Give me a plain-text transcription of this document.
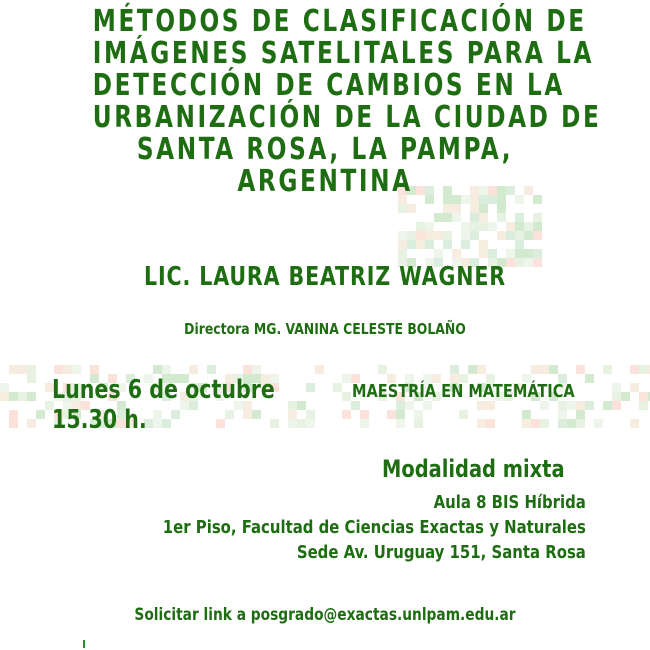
MÉTODOS DE CLASIFICACIÓN DE
IMÁGENES SATELITALES PARA LA
DETECCIÓN DE CAMBIOS EN LA
URBANIZACIÓN DE LA CIUDAD DE
SANTA ROSA, LA PAMPA,
ARGENTINA
LIC. LAURA BEATRIZ WAGNER
Directora MG. VANINA CELESTE BOLAÑO
Lunes 6 de octubre
15.30 h.
MAESTRÍA EN MATEMÁTICA
Modalidad mixta
Aula 8 BIS Híbrida
1er Piso, Facultad de Ciencias Exactas y Naturales
Sede Av. Uruguay 151, Santa Rosa
Solicitar link a posgrado@exactas.unlpam.edu.ar
